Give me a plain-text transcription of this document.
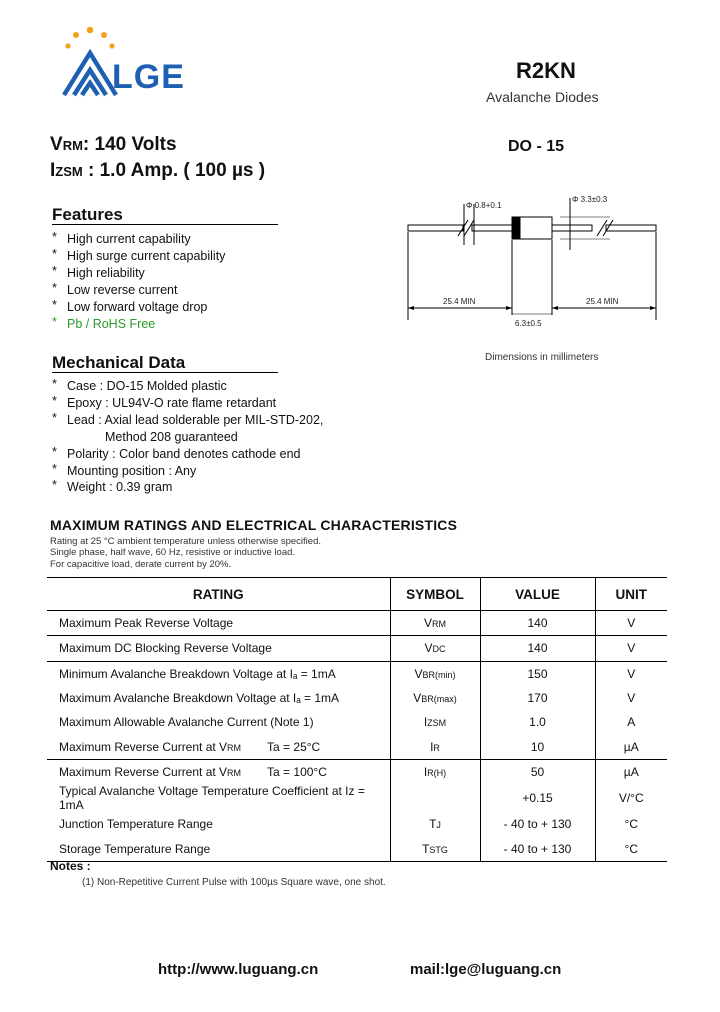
LGE	R2KN
Avalanche Diodes
VRM: 140 Volts
IZSM : 1.0 Amp. ( 100 µs )
DO - 15
Features
* High current capability
* High surge current capability
* High reliability
* Low reverse current
* Low forward voltage drop
* Pb / RoHS Free
Mechanical Data
* Case : DO-15 Molded plastic
* Epoxy : UL94V-O rate flame retardant
* Lead : Axial lead solderable per MIL-STD-202,
Method 208 guaranteed
* Polarity : Color band denotes cathode end
* Mounting position : Any
* Weight : 0.39 gram
Φ 0.8+0.1
Φ 3.3±0.3
25.4 MIN	25.4 MIN
6.3±0.5
Dimensions in millimeters
MAXIMUM RATINGS AND ELECTRICAL CHARACTERISTICS
Rating at 25 °C ambient temperature unless otherwise specified.
Single phase, half wave, 60 Hz, resistive or inductive load.
For capacitive load, derate current by 20%.
RATING	SYMBOL	VALUE	UNIT
Maximum Peak Reverse Voltage	VRM	140	V
Maximum DC Blocking Reverse Voltage	VDC	140	V
Minimum Avalanche Breakdown Voltage at Iₐ = 1mA	VBR(min)	150	V
Maximum Avalanche Breakdown Voltage at Iₐ = 1mA	VBR(max)	170	V
Maximum Allowable Avalanche Current (Note 1)	IZSM	1.0	A
Maximum Reverse Current at VRM Ta = 25°C	IR	10	µA
Maximum Reverse Current at VRM Ta = 100°C	IR(H)	50	µA
Typical Avalanche Voltage Temperature Coefficient at Iz = 1mA		+0.15	V/°C
Junction Temperature Range	TJ	- 40 to + 130	°C
Storage Temperature Range	TSTG	- 40 to + 130	°C
Notes :
(1) Non-Repetitive Current Pulse with 100µs Square wave, one shot.
http://www.luguang.cn	mail:lge@luguang.cn
